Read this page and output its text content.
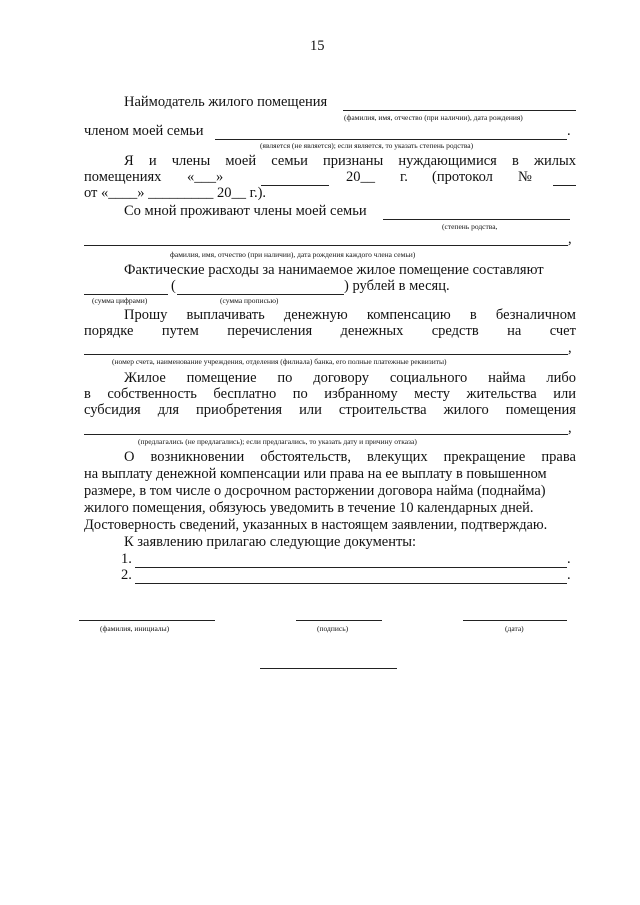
15
Наймодатель жилого помещения
(фамилия, имя, отчество (при наличии), дата рождения)
членом моей семьи	.
(является (не является); если является, то указать степень родства)
Я и члены моей семьи признаны нуждающимися в жилых
помещениях «___»	20__ г. (протокол №
от «____» _________ 20__ г.).
Со мной проживают члены моей семьи
(степень родства,
,
фамилия, имя, отчество (при наличии), дата рождения каждого члена семьи)
Фактические расходы за нанимаемое жилое помещение составляют
(	) рублей в месяц.
(сумма цифрами)	(сумма прописью)
Прошу выплачивать денежную компенсацию в безналичном
порядке путем перечисления денежных средств на счет
,
(номер счета, наименование учреждения, отделения (филиала) банка, его полные платежные реквизиты)
Жилое помещение по договору социального найма либо
в собственность бесплатно по избранному месту жительства или
субсидия для приобретения или строительства жилого помещения
,
(предлагались (не предлагались); если предлагались, то указать дату и причину отказа)
О возникновении обстоятельств, влекущих прекращение права
на выплату денежной компенсации или права на ее выплату в повышенном
размере, в том числе о досрочном расторжении договора найма (поднайма)
жилого помещения, обязуюсь уведомить в течение 10 календарных дней.
Достоверность сведений, указанных в настоящем заявлении, подтверждаю.
К заявлению прилагаю следующие документы:
1.	.
2.	.
(фамилия, инициалы)	(подпись)	(дата)
